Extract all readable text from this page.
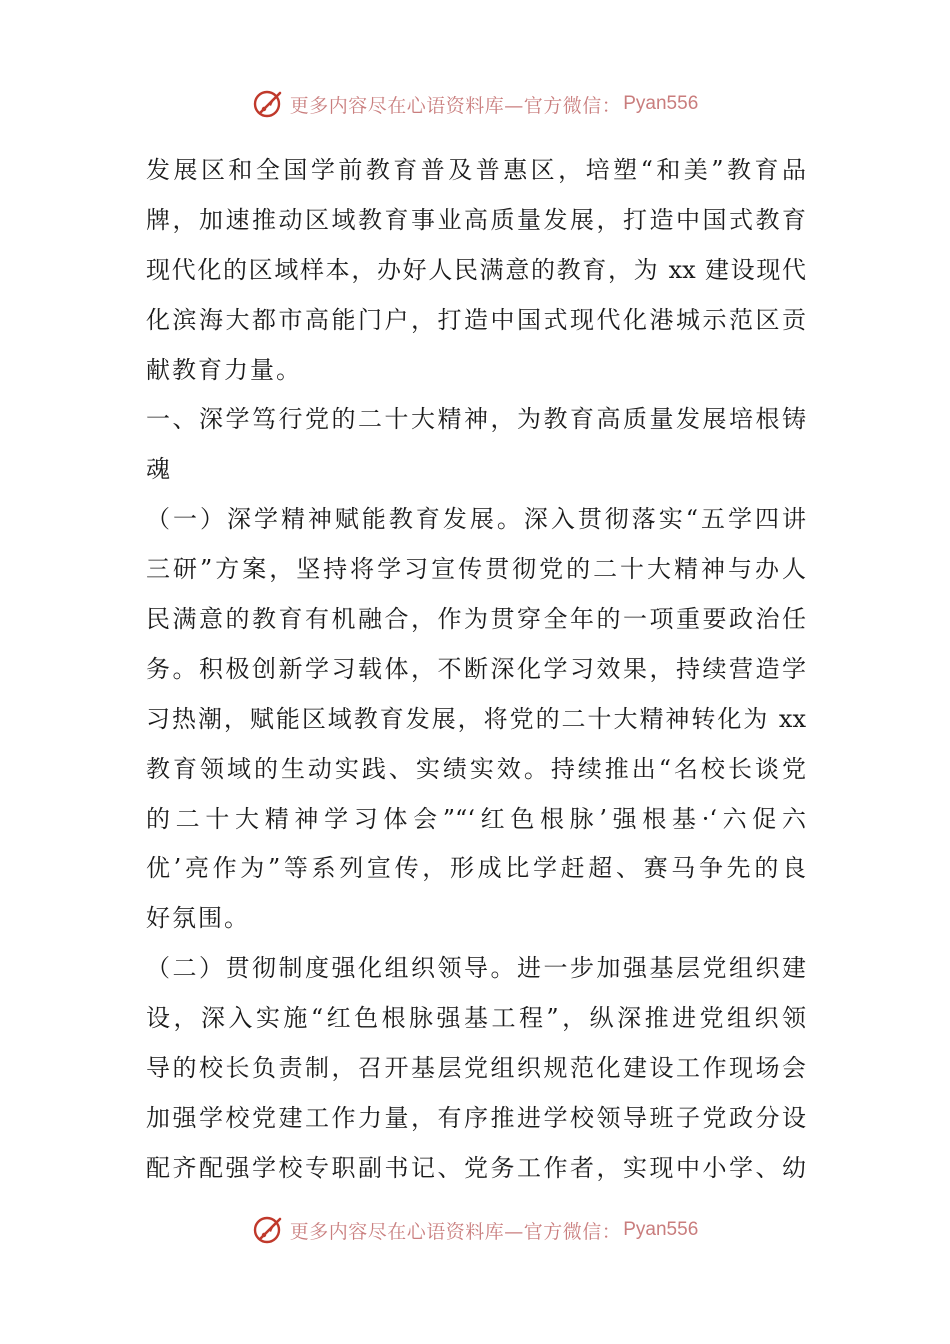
更多内容尽在心语资料库—官方微信： Pyan556
发展区和全国学前教育普及普惠区，培塑“和美”教育品
牌，加速推动区域教育事业高质量发展，打造中国式教育
现代化的区域样本，办好人民满意的教育，为 xx 建设现代
化滨海大都市高能门户，打造中国式现代化港城示范区贡
献教育力量。
一、深学笃行党的二十大精神，为教育高质量发展培根铸
魂
（一）深学精神赋能教育发展。深入贯彻落实“五学四讲
三研”方案，坚持将学习宣传贯彻党的二十大精神与办人
民满意的教育有机融合，作为贯穿全年的一项重要政治任
务。积极创新学习载体，不断深化学习效果，持续营造学
习热潮，赋能区域教育发展，将党的二十大精神转化为 xx
教育领域的生动实践、实绩实效。持续推出“名校长谈党
的二十大精神学习体会”“‘红色根脉’强根基·‘六促六
优’亮作为”等系列宣传，形成比学赶超、赛马争先的良
好氛围。
（二）贯彻制度强化组织领导。进一步加强基层党组织建
设，深入实施“红色根脉强基工程”，纵深推进党组织领
导的校长负责制，召开基层党组织规范化建设工作现场会
加强学校党建工作力量，有序推进学校领导班子党政分设
配齐配强学校专职副书记、党务工作者，实现中小学、幼
更多内容尽在心语资料库—官方微信： Pyan556
